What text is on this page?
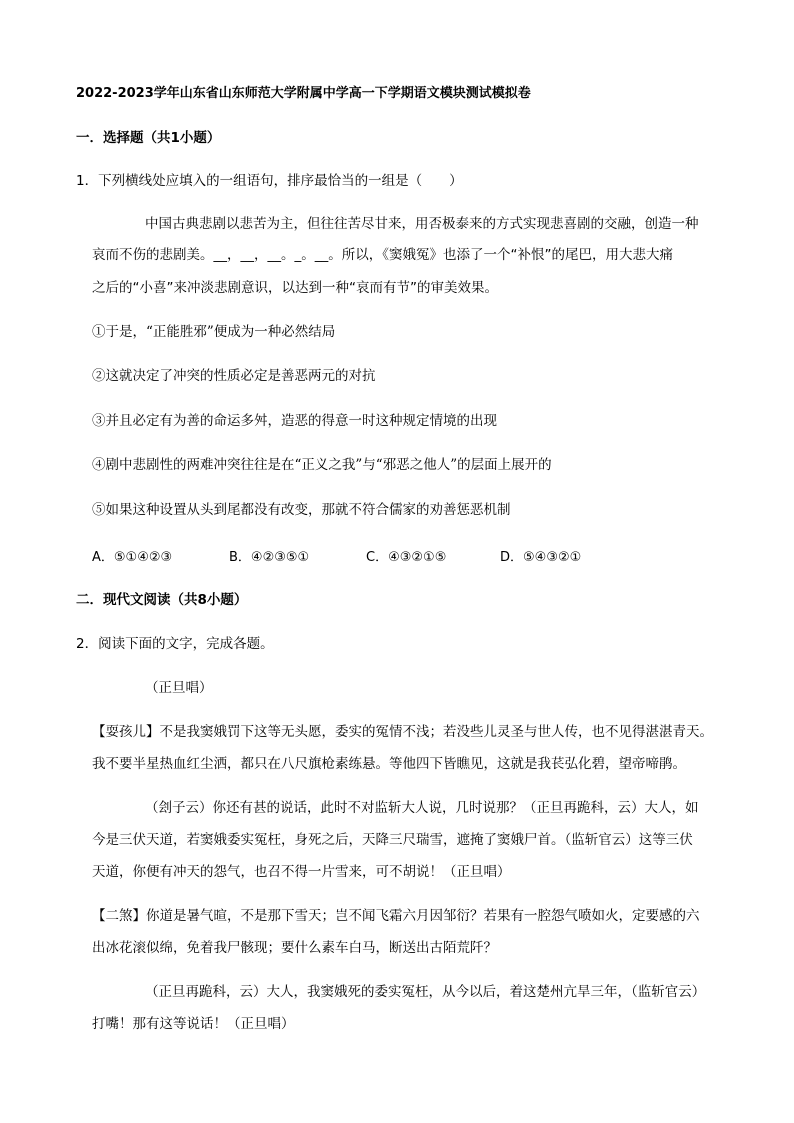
2022-2023学年山东省山东师范大学附属中学高一下学期语文模块测试模拟卷
一．选择题（共1小题）
1．下列横线处应填入的一组语句，排序最恰当的一组是（　　）
中国古典悲剧以悲苦为主，但往往苦尽甘来，用否极泰来的方式实现悲喜剧的交融，创造一种
哀而不伤的悲剧美。__，__，__。_。__。所以，《窦娥冤》也添了一个“补恨”的尾巴，用大悲大痛
之后的“小喜”来冲淡悲剧意识，以达到一种“哀而有节”的审美效果。
①于是，“正能胜邪”便成为一种必然结局
②这就决定了冲突的性质必定是善恶两元的对抗
③并且必定有为善的命运多舛，造恶的得意一时这种规定情境的出现
④剧中悲剧性的两难冲突往往是在“正义之我”与“邪恶之他人”的层面上展开的
⑤如果这种设置从头到尾都没有改变，那就不符合儒家的劝善惩恶机制
A．⑤①④②③	B．④②③⑤①	C．④③②①⑤	D．⑤④③②①
二．现代文阅读（共8小题）
2．阅读下面的文字，完成各题。
（正旦唱）
【耍孩儿】不是我窦娥罚下这等无头愿，委实的冤情不浅；若没些儿灵圣与世人传，也不见得湛湛青天。
我不要半星热血红尘洒，都只在八尺旗枪素练悬。等他四下皆瞧见，这就是我苌弘化碧，望帝啼鹃。
（刽子云）你还有甚的说话，此时不对监斩大人说，几时说那？（正旦再跪科，云）大人，如
今是三伏天道，若窦娥委实冤枉，身死之后，天降三尺瑞雪，遮掩了窦娥尸首。（监斩官云）这等三伏
天道，你便有冲天的怨气，也召不得一片雪来，可不胡说！（正旦唱）
【二煞】你道是暑气暄，不是那下雪天；岂不闻飞霜六月因邹衍？若果有一腔怨气喷如火，定要感的六
出冰花滚似绵，免着我尸骸现；要什么素车白马，断送出古陌荒阡？
（正旦再跪科，云）大人，我窦娥死的委实冤枉，从今以后，着这楚州亢旱三年，（监斩官云）
打嘴！那有这等说话！（正旦唱）
